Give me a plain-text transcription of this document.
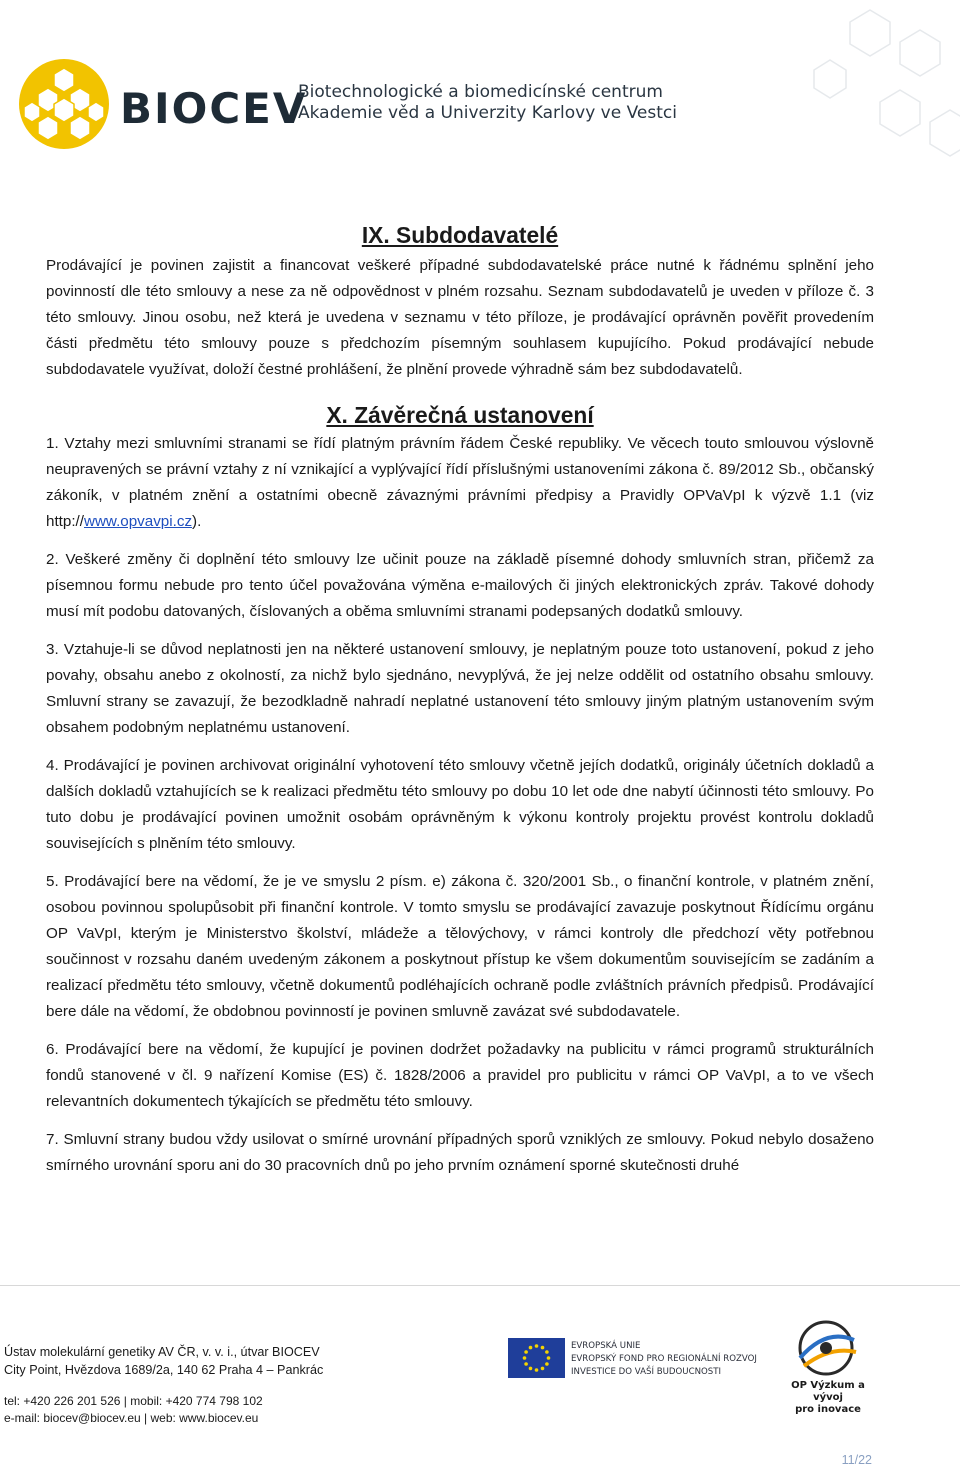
BIOCEV
Biotechnologické a biomedicínské centrum
Akademie věd a Univerzity Karlovy ve Vestci
IX. Subdodavatelé

Prodávající je povinen zajistit a financovat veškeré případné subdodavatelské práce nutné k řádnému splnění jeho povinností dle této smlouvy a nese za ně odpovědnost v plném rozsahu. Seznam subdodavatelů je uveden v příloze č. 3 této smlouvy. Jinou osobu, než která je uvedena v seznamu v této příloze, je prodávající oprávněn pověřit provedením části předmětu této smlouvy pouze s předchozím písemným souhlasem kupujícího. Pokud prodávající nebude subdodavatele využívat, doloží čestné prohlášení, že plnění provede výhradně sám bez subdodavatelů.

X. Závěrečná ustanovení
1. Vztahy mezi smluvními stranami se řídí platným právním řádem České republiky. Ve věcech touto smlouvou výslovně neupravených se právní vztahy z ní vznikající a vyplývající řídí příslušnými ustanoveními zákona č. 89/2012 Sb., občanský zákoník, v platném znění a ostatními obecně závaznými právními předpisy a Pravidly OPVaVpI k výzvě 1.1 (viz http://www.opvavpi.cz).
2. Veškeré změny či doplnění této smlouvy lze učinit pouze na základě písemné dohody smluvních stran, přičemž za písemnou formu nebude pro tento účel považována výměna e-mailových či jiných elektronických zpráv. Takové dohody musí mít podobu datovaných, číslovaných a oběma smluvními stranami podepsaných dodatků smlouvy.
3. Vztahuje-li se důvod neplatnosti jen na některé ustanovení smlouvy, je neplatným pouze toto ustanovení, pokud z jeho povahy, obsahu anebo z okolností, za nichž bylo sjednáno, nevyplývá, že jej nelze oddělit od ostatního obsahu smlouvy. Smluvní strany se zavazují, že bezodkladně nahradí neplatné ustanovení této smlouvy jiným platným ustanovením svým obsahem podobným neplatnému ustanovení.
4. Prodávající je povinen archivovat originální vyhotovení této smlouvy včetně jejích dodatků, originály účetních dokladů a dalších dokladů vztahujících se k realizaci předmětu této smlouvy po dobu 10 let ode dne nabytí účinnosti této smlouvy. Po tuto dobu je prodávající povinen umožnit osobám oprávněným k výkonu kontroly projektu provést kontrolu dokladů souvisejících s plněním této smlouvy.
5. Prodávající bere na vědomí, že je ve smyslu 2 písm. e) zákona č. 320/2001 Sb., o finanční kontrole, v platném znění, osobou povinnou spolupůsobit při finanční kontrole. V tomto smyslu se prodávající zavazuje poskytnout Řídícímu orgánu OP VaVpI, kterým je Ministerstvo školství, mládeže a tělovýchovy, v rámci kontroly dle předchozí věty potřebnou součinnost v rozsahu daném uvedeným zákonem a poskytnout přístup ke všem dokumentům souvisejícím se zadáním a realizací předmětu této smlouvy, včetně dokumentů podléhajících ochraně podle zvláštních právních předpisů. Prodávající bere dále na vědomí, že obdobnou povinností je povinen smluvně zavázat své subdodavatele.
6. Prodávající bere na vědomí, že kupující je povinen dodržet požadavky na publicitu v rámci programů strukturálních fondů stanovené v čl. 9 nařízení Komise (ES) č. 1828/2006 a pravidel pro publicitu v rámci OP VaVpI, a to ve všech relevantních dokumentech týkajících se předmětu této smlouvy.
7. Smluvní strany budou vždy usilovat o smírné urovnání případných sporů vzniklých ze smlouvy. Pokud nebylo dosaženo smírného urovnání sporu ani do 30 pracovních dnů po jeho prvním oznámení sporné skutečnosti druhé
Ústav molekulární genetiky AV ČR, v. v. i., útvar BIOCEV
City Point, Hvězdova 1689/2a, 140 62 Praha 4 – Pankrác
tel: +420 226 201 526 | mobil: +420 774 798 102
e-mail: biocev@biocev.eu | web: www.biocev.eu
EVROPSKÁ UNIE
EVROPSKÝ FOND PRO REGIONÁLNÍ ROZVOJ
INVESTICE DO VAŠÍ BUDOUCNOSTI
OP Výzkum a vývoj
pro inovace
11/22
